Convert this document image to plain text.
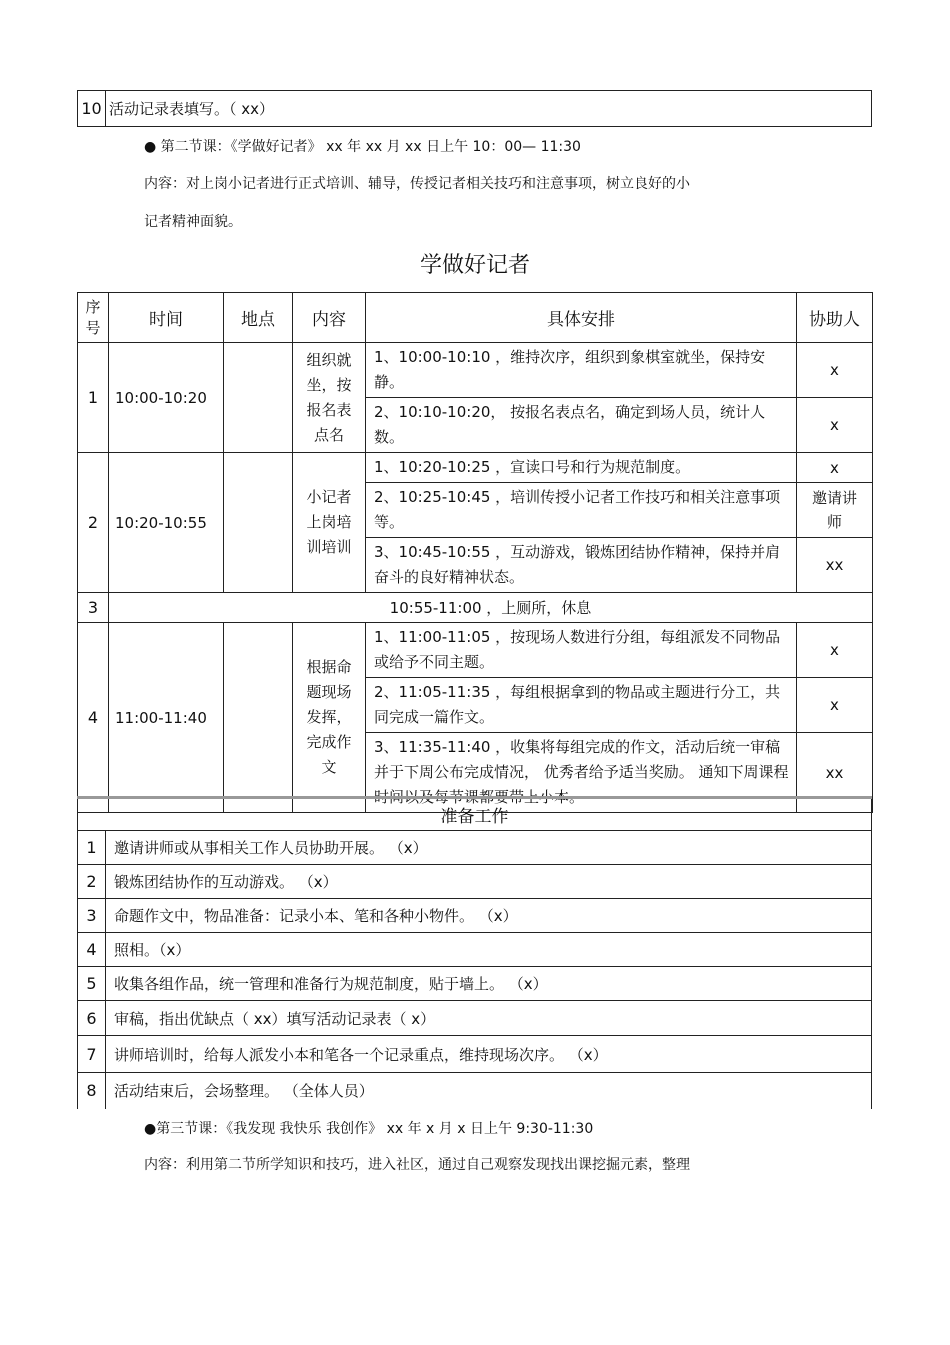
10	活动记录表填写。（ xx）
● 第二节课：《学做好记者》 xx 年 xx 月 xx 日上午 10：00— 11:30
内容：对上岗小记者进行正式培训、辅导，传授记者相关技巧和注意事项，树立良好的小
记者精神面貌。
学做好记者
序
号	时间	地点	内容	具体安排	协助人
1	10:00-10:20		组织就
坐，按
报名表
点名	1、10:00-10:10 ，维持次序，组织到象棋室就坐，保持安静。	x
				2、10:10-10:20， 按报名表点名，确定到场人员，统计人数。	x
2	10:20-10:55		小记者
上岗培
训培训	1、10:20-10:25 ，宣读口号和行为规范制度。	x
				2、10:25-10:45 ，培训传授小记者工作技巧和相关注意事项等。	邀请讲
师
				3、10:45-10:55 ，互动游戏，锻炼团结协作精神，保持并肩奋斗的良好精神状态。	xx
3	10:55-11:00 ，上厕所，休息				
4	11:00-11:40		根据命
题现场
发挥，
完成作
文	1、11:00-11:05 ，按现场人数进行分组，每组派发不同物品或给予不同主题。	x
				2、11:05-11:35 ，每组根据拿到的物品或主题进行分工，共同完成一篇作文。	x
				3、11:35-11:40 ，收集将每组完成的作文，活动后统一审稿并于下周公布完成情况， 优秀者给予适当奖励。 通知下周课程时间以及每节课都要带上小本。	xx
准备工作	
1	邀请讲师或从事相关工作人员协助开展。 （x）
2	锻炼团结协作的互动游戏。 （x）
3	命题作文中，物品准备：记录小本、笔和各种小物件。 （x）
4	照相。（x）
5	收集各组作品，统一管理和准备行为规范制度，贴于墙上。 （x）
6	审稿，指出优缺点（ xx）填写活动记录表（ x）
7	讲师培训时，给每人派发小本和笔各一个记录重点，维持现场次序。 （x）
8	活动结束后，会场整理。 （全体人员）
●第三节课：《我发现 我快乐 我创作》 xx 年 x 月 x 日上午 9:30-11:30
内容：利用第二节所学知识和技巧，进入社区，通过自己观察发现找出课挖掘元素，整理
